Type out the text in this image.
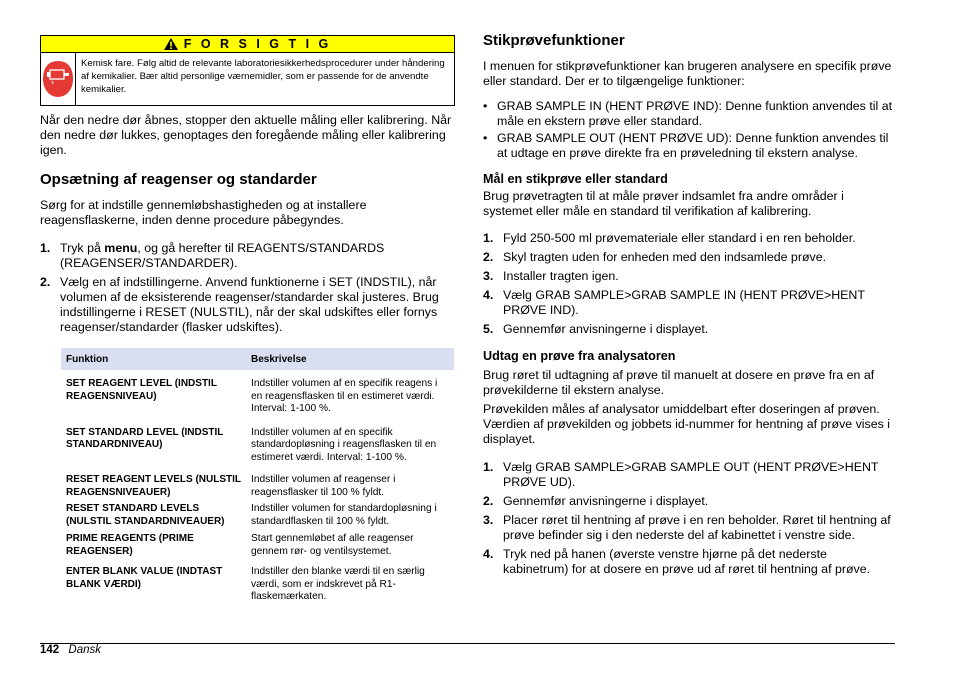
F O R S I G T I G
Kemisk fare. Følg altid de relevante laboratoriesikkerhedsprocedurer under håndering af kemikalier. Bær altid personlige værnemidler, som er passende for de anvendte kemikalier.

Når den nedre dør åbnes, stopper den aktuelle måling eller kalibrering. Når den nedre dør lukkes, genoptages den foregående måling eller kalibrering igen.

Opsætning af reagenser og standarder

Sørg for at indstille gennemløbshastigheden og at installere reagensflaskerne, inden denne procedure påbegyndes.

1. Tryk på menu, og gå herefter til REAGENTS/STANDARDS (REAGENSER/STANDARDER).
2. Vælg en af indstillingerne. Anvend funktionerne i SET (INDSTIL), når volumen af de eksisterende reagenser/standarder skal justeres. Brug indstillingerne i RESET (NULSTIL), når der skal udskiftes eller fornys reagenser/standarder (flasker udskiftes).
Funktion	Beskrivelse
SET REAGENT LEVEL (INDSTIL REAGENSNIVEAU)	Indstiller volumen af en specifik reagens i en reagensflasken til en estimeret værdi. Interval: 1-100 %.
SET STANDARD LEVEL (INDSTIL STANDARDNIVEAU)	Indstiller volumen af en specifik standardopløsning i reagensflasken til en estimeret værdi. Interval: 1-100 %.
RESET REAGENT LEVELS (NULSTIL REAGENSNIVEAUER)	Indstiller volumen af reagenser i reagensflasker til 100 % fyldt.
RESET STANDARD LEVELS (NULSTIL STANDARDNIVEAUER)	Indstiller volumen for standardopløsning i standardflasken til 100 % fyldt.
PRIME REAGENTS (PRIME REAGENSER)	Start gennemløbet af alle reagenser gennem rør- og ventilsystemet.
ENTER BLANK VALUE (INDTAST BLANK VÆRDI)	Indstiller den blanke værdi til en særlig værdi, som er indskrevet på R1-flaskemærkaten.
Stikprøvefunktioner

I menuen for stikprøvefunktioner kan brugeren analysere en specifik prøve eller standard. Der er to tilgængelige funktioner:

• GRAB SAMPLE IN (HENT PRØVE IND): Denne funktion anvendes til at måle en ekstern prøve eller standard.
• GRAB SAMPLE OUT (HENT PRØVE UD): Denne funktion anvendes til at udtage en prøve direkte fra en prøveledning til ekstern analyse.
Mål en stikprøve eller standard

Brug prøvetragten til at måle prøver indsamlet fra andre områder i systemet eller måle en standard til verifikation af kalibrering.

1. Fyld 250-500 ml prøvemateriale eller standard i en ren beholder.
2. Skyl tragten uden for enheden med den indsamlede prøve.
3. Installer tragten igen.
4. Vælg GRAB SAMPLE>GRAB SAMPLE IN (HENT PRØVE>HENT PRØVE IND).
5. Gennemfør anvisningerne i displayet.
Udtag en prøve fra analysatoren

Brug røret til udtagning af prøve til manuelt at dosere en prøve fra en af prøvekilderne til ekstern analyse.

Prøvekilden måles af analysator umiddelbart efter doseringen af prøven. Værdien af prøvekilden og jobbets id-nummer for hentning af prøve vises i displayet.

1. Vælg GRAB SAMPLE>GRAB SAMPLE OUT (HENT PRØVE>HENT PRØVE UD).
2. Gennemfør anvisningerne i displayet.
3. Placer røret til hentning af prøve i en ren beholder. Røret til hentning af prøve befinder sig i den nederste del af kabinettet i venstre side.
4. Tryk ned på hanen (øverste venstre hjørne på det nederste kabinetrum) for at dosere en prøve ud af røret til hentning af prøve.
142 Dansk
